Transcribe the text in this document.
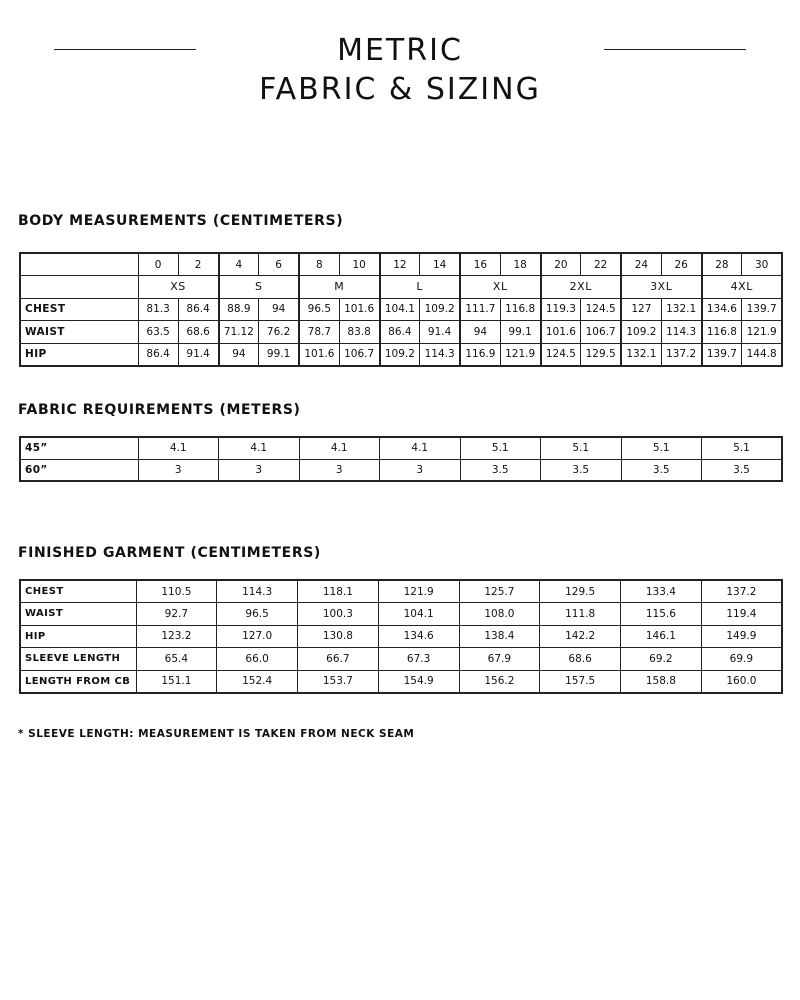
METRIC
FABRIC & SIZING
BODY MEASUREMENTS (CENTIMETERS)
	0	2	4	6	8	10	12	14	16	18	20	22	24	26	28	30
	XS		S		M		L		XL		2XL		3XL		4XL	
CHEST	81.3	86.4	88.9	94	96.5	101.6	104.1	109.2	111.7	116.8	119.3	124.5	127	132.1	134.6	139.7
WAIST	63.5	68.6	71.12	76.2	78.7	83.8	86.4	91.4	94	99.1	101.6	106.7	109.2	114.3	116.8	121.9
HIP	86.4	91.4	94	99.1	101.6	106.7	109.2	114.3	116.9	121.9	124.5	129.5	132.1	137.2	139.7	144.8
FABRIC REQUIREMENTS (METERS)
45”	4.1	4.1	4.1	4.1	5.1	5.1	5.1	5.1
60”	3	3	3	3	3.5	3.5	3.5	3.5
FINISHED GARMENT (CENTIMETERS)
CHEST	110.5	114.3	118.1	121.9	125.7	129.5	133.4	137.2
WAIST	92.7	96.5	100.3	104.1	108.0	111.8	115.6	119.4
HIP	123.2	127.0	130.8	134.6	138.4	142.2	146.1	149.9
SLEEVE LENGTH	65.4	66.0	66.7	67.3	67.9	68.6	69.2	69.9
LENGTH FROM CB	151.1	152.4	153.7	154.9	156.2	157.5	158.8	160.0

* SLEEVE LENGTH: MEASUREMENT IS TAKEN FROM NECK SEAM
